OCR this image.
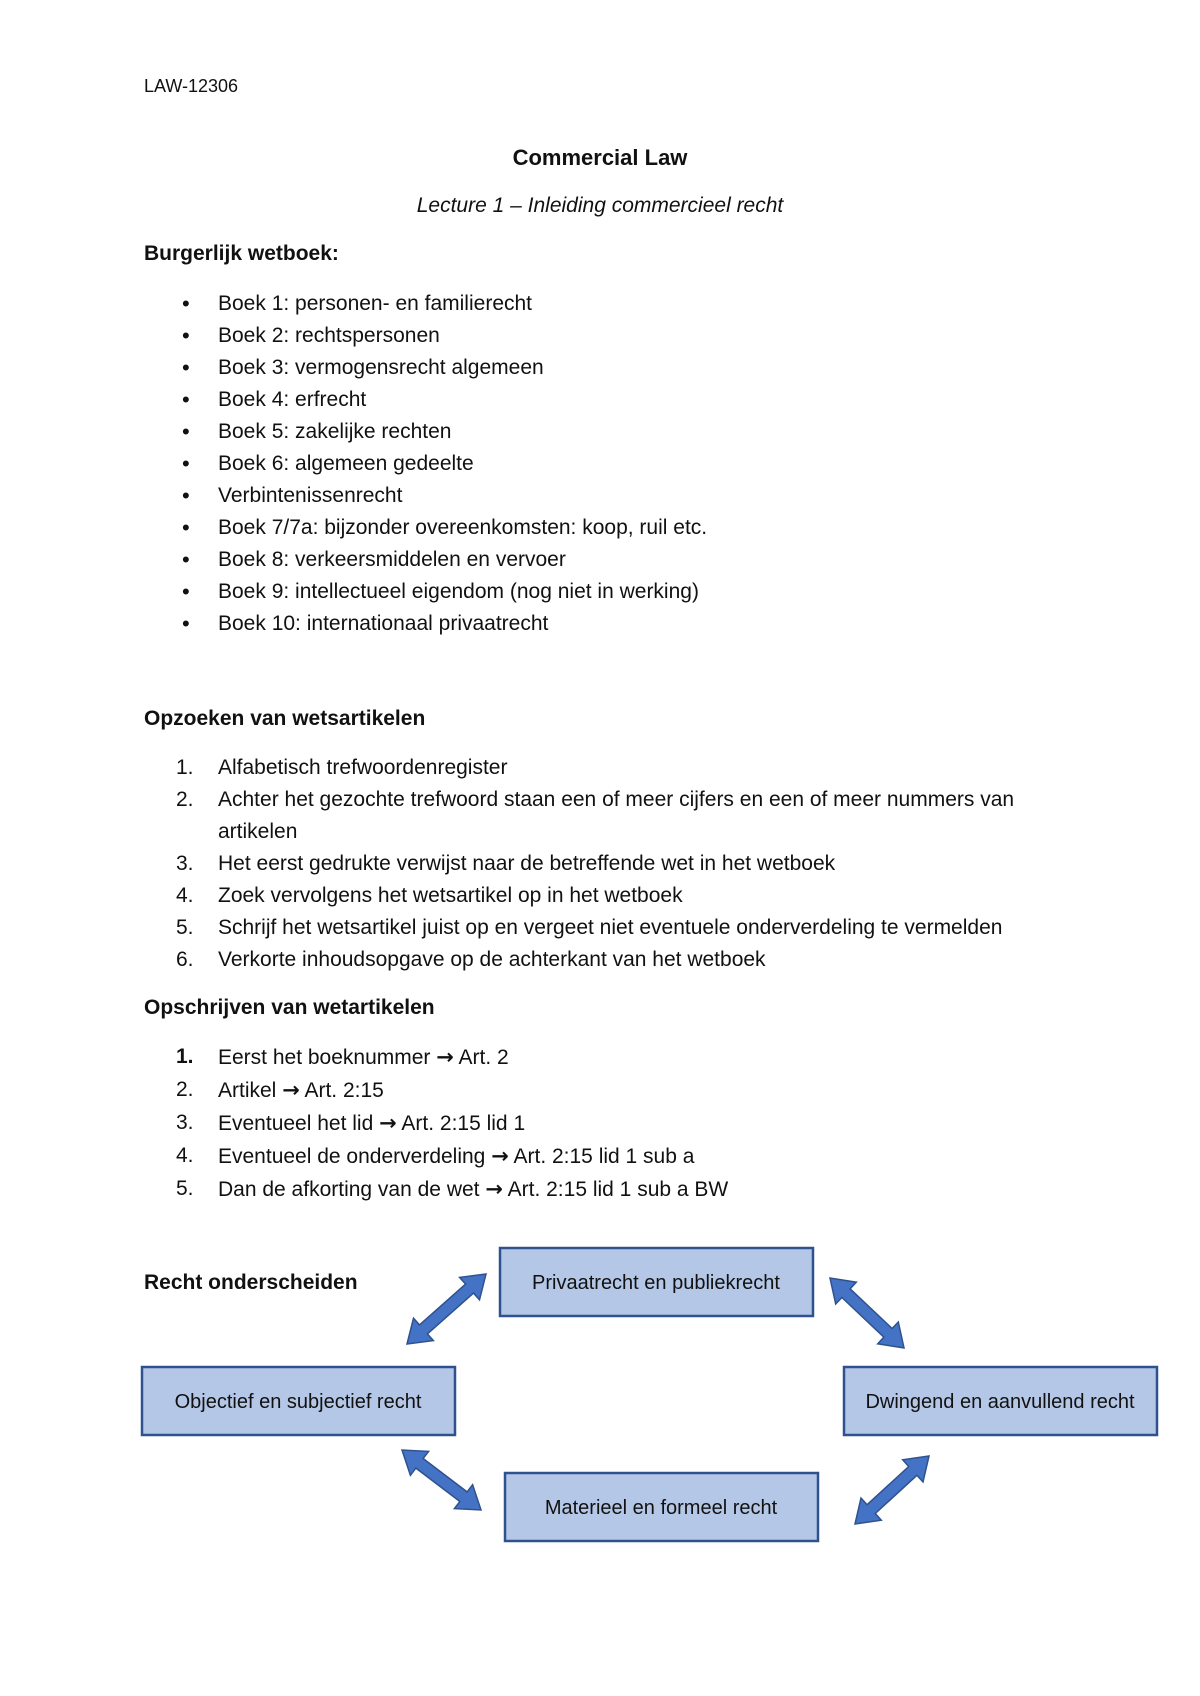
LAW-12306
Commercial Law
Lecture 1 – Inleiding commercieel recht
Burgerlijk wetboek:
• Boek 1: personen- en familierecht
• Boek 2: rechtspersonen
• Boek 3: vermogensrecht algemeen
• Boek 4: erfrecht
• Boek 5: zakelijke rechten
• Boek 6: algemeen gedeelte
• Verbintenissenrecht
• Boek 7/7a: bijzonder overeenkomsten: koop, ruil etc.
• Boek 8: verkeersmiddelen en vervoer
• Boek 9: intellectueel eigendom (nog niet in werking)
• Boek 10: internationaal privaatrecht
Opzoeken van wetsartikelen
1. Alfabetisch trefwoordenregister
2. Achter het gezochte trefwoord staan een of meer cijfers en een of meer nummers van artikelen
3. Het eerst gedrukte verwijst naar de betreffende wet in het wetboek
4. Zoek vervolgens het wetsartikel op in het wetboek
5. Schrijf het wetsartikel juist op en vergeet niet eventuele onderverdeling te vermelden
6. Verkorte inhoudsopgave op de achterkant van het wetboek
Opschrijven van wetartikelen
1. Eerst het boeknummer → Art. 2
2. Artikel → Art. 2:15
3. Eventueel het lid → Art. 2:15 lid 1
4. Eventueel de onderverdeling → Art. 2:15 lid 1 sub a
5. Dan de afkorting van de wet → Art. 2:15 lid 1 sub a BW
Recht onderscheiden	Privaatrecht en publiekrecht
Objectief en subjectief recht	Dwingend en aanvullend recht
Materieel en formeel recht
